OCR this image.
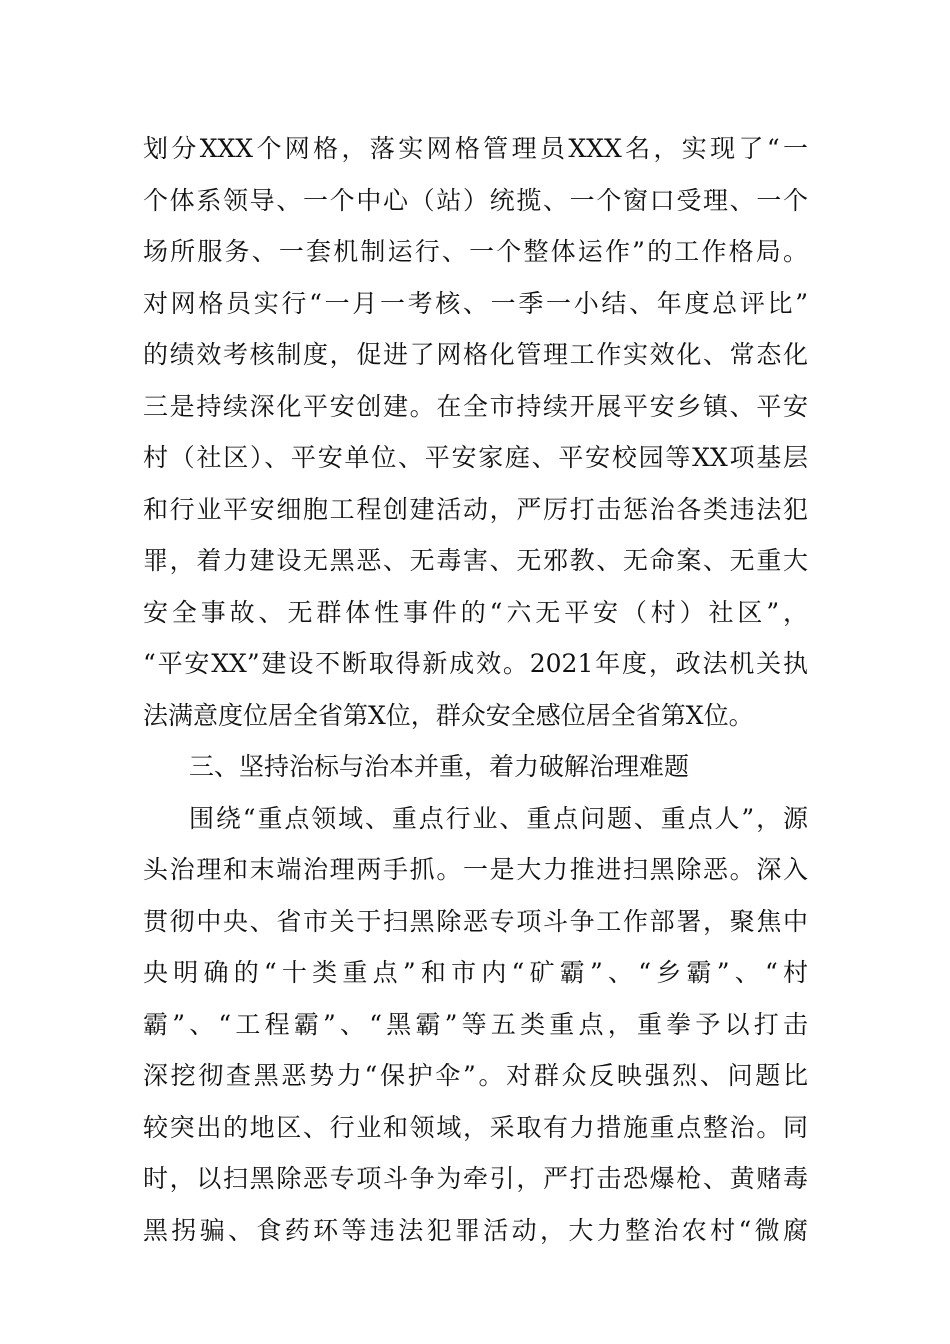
划分XXX个网格，落实网格管理员XXX名，实现了“一
个体系领导、一个中心（站）统揽、一个窗口受理、一个
场所服务、一套机制运行、一个整体运作”的工作格局。
对网格员实行“一月一考核、一季一小结、年度总评比”
的绩效考核制度，促进了网格化管理工作实效化、常态化
三是持续深化平安创建。在全市持续开展平安乡镇、平安
村（社区）、平安单位、平安家庭、平安校园等XX项基层
和行业平安细胞工程创建活动，严厉打击惩治各类违法犯
罪，着力建设无黑恶、无毒害、无邪教、无命案、无重大
安全事故、无群体性事件的“六无平安（村）社区”，
“平安XX”建设不断取得新成效。2021年度，政法机关执
法满意度位居全省第X位，群众安全感位居全省第X位。
三、坚持治标与治本并重，着力破解治理难题
围绕“重点领域、重点行业、重点问题、重点人”，源
头治理和末端治理两手抓。一是大力推进扫黑除恶。深入
贯彻中央、省市关于扫黑除恶专项斗争工作部署，聚焦中
央明确的“十类重点”和市内“矿霸”、“乡霸”、“村
霸”、“工程霸”、“黑霸”等五类重点，重拳予以打击
深挖彻查黑恶势力“保护伞”。对群众反映强烈、问题比
较突出的地区、行业和领域，采取有力措施重点整治。同
时，以扫黑除恶专项斗争为牵引，严打击恐爆枪、黄赌毒
黑拐骗、食药环等违法犯罪活动，大力整治农村“微腐
